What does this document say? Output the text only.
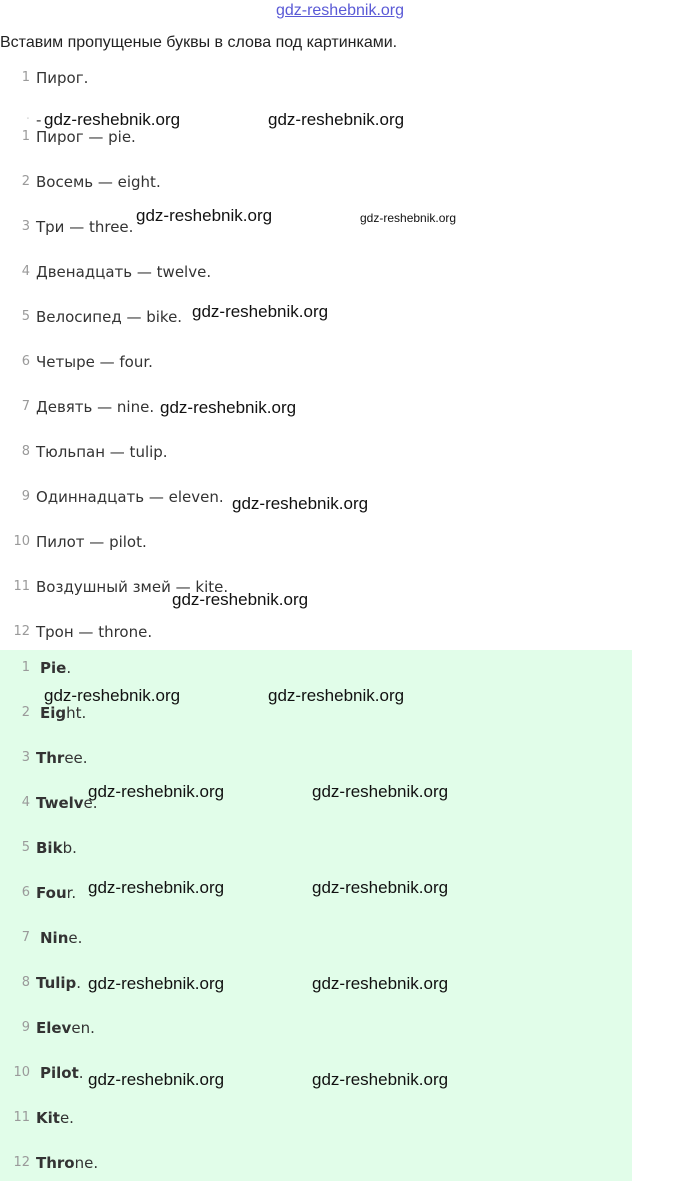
gdz-reshebnik.org
Вставим пропущеные буквы в слова под картинками.
1 Пирог.
· -
1 Пирог — pie.
2 Восемь — eight.
3 Три — three.
4 Двенадцать — twelve.
5 Велосипед — bike.
6 Четыре — four.
7 Девять — nine.
8 Тюльпан — tulip.
9 Одиннадцать — eleven.
10 Пилот — pilot.
11 Воздушный змей — kite.
12 Трон — throne.
1 Pie.
2 Eight.
3 Three.
4 Twelve.
5 Bikb.
6 Four.
7 Nine.
8 Tulip.
9 Eleven.
10 Pilot.
11 Kite.
12 Throne.
gdz-reshebnik.org	gdz-reshebnik.org
gdz-reshebnik.org	gdz-reshebnik.org
gdz-reshebnik.org
gdz-reshebnik.org
gdz-reshebnik.org
gdz-reshebnik.org
gdz-reshebnik.org	gdz-reshebnik.org
gdz-reshebnik.org	gdz-reshebnik.org
gdz-reshebnik.org	gdz-reshebnik.org
gdz-reshebnik.org	gdz-reshebnik.org
gdz-reshebnik.org	gdz-reshebnik.org
